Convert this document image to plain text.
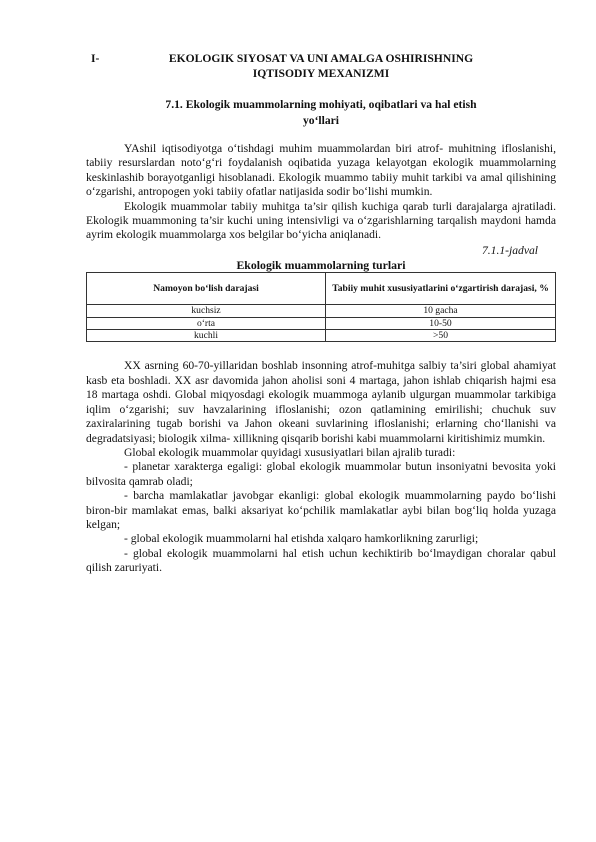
I-	EKOLOGIK SIYOSAT VA UNI AMALGA OSHIRISHNING
IQTISODIY MEXANIZMI
7.1. Ekologik muammolarning mohiyati, oqibatlari va hal etish
yo‘llari

YAshil iqtisodiyotga o‘tishdagi muhim muammolardan biri atrof- muhitning ifloslanishi, tabiiy resurslardan noto‘g‘ri foydalanish oqibatida yuzaga kelayotgan ekologik muammolarning keskinlashib borayotganligi hisoblanadi. Ekologik muammo tabiiy muhit tarkibi va amal qilishining o‘zgarishi, antropogen yoki tabiiy ofatlar natijasida sodir bo‘lishi mumkin.

Ekologik muammolar tabiiy muhitga ta’sir qilish kuchiga qarab turli darajalarga ajratiladi. Ekologik muammoning ta’sir kuchi uning intensivligi va o‘zgarishlarning tarqalish maydoni hamda ayrim ekologik muammolarga xos belgilar bo‘yicha aniqlanadi.

7.1.1-jadval
Ekologik muammolarning turlari
Namoyon bo‘lish darajasi	Tabiiy muhit xususiyatlarini o‘zgartirish darajasi, %
kuchsiz	10 gacha
o‘rta	10-50
kuchli	>50

XX asrning 60-70-yillaridan boshlab insonning atrof-muhitga salbiy ta’siri global ahamiyat kasb eta boshladi. XX asr davomida jahon aholisi soni 4 martaga, jahon ishlab chiqarish hajmi esa 18 martaga oshdi. Global miqyosdagi ekologik muammoga aylanib ulgurgan muammolar tarkibiga iqlim o‘zgarishi; suv havzalarining ifloslanishi; ozon qatlamining emirilishi; chuchuk suv zaxiralarining tugab borishi va Jahon okeani suvlarining ifloslanishi; erlarning cho‘llanishi va degradatsiyasi; biologik xilma- xillikning qisqarib borishi kabi muammolarni kiritishimiz mumkin.

Global ekologik muammolar quyidagi xususiyatlari bilan ajralib turadi:

- planetar xarakterga egaligi: global ekologik muammolar butun insoniyatni bevosita yoki bilvosita qamrab oladi;

- barcha mamlakatlar javobgar ekanligi: global ekologik muammolarning paydo bo‘lishi biron-bir mamlakat emas, balki aksariyat ko‘pchilik mamlakatlar aybi bilan bog‘liq holda yuzaga kelgan;

- global ekologik muammolarni hal etishda xalqaro hamkorlikning zarurligi;

- global ekologik muammolarni hal etish uchun kechiktirib bo‘lmaydigan choralar qabul qilish zaruriyati.
